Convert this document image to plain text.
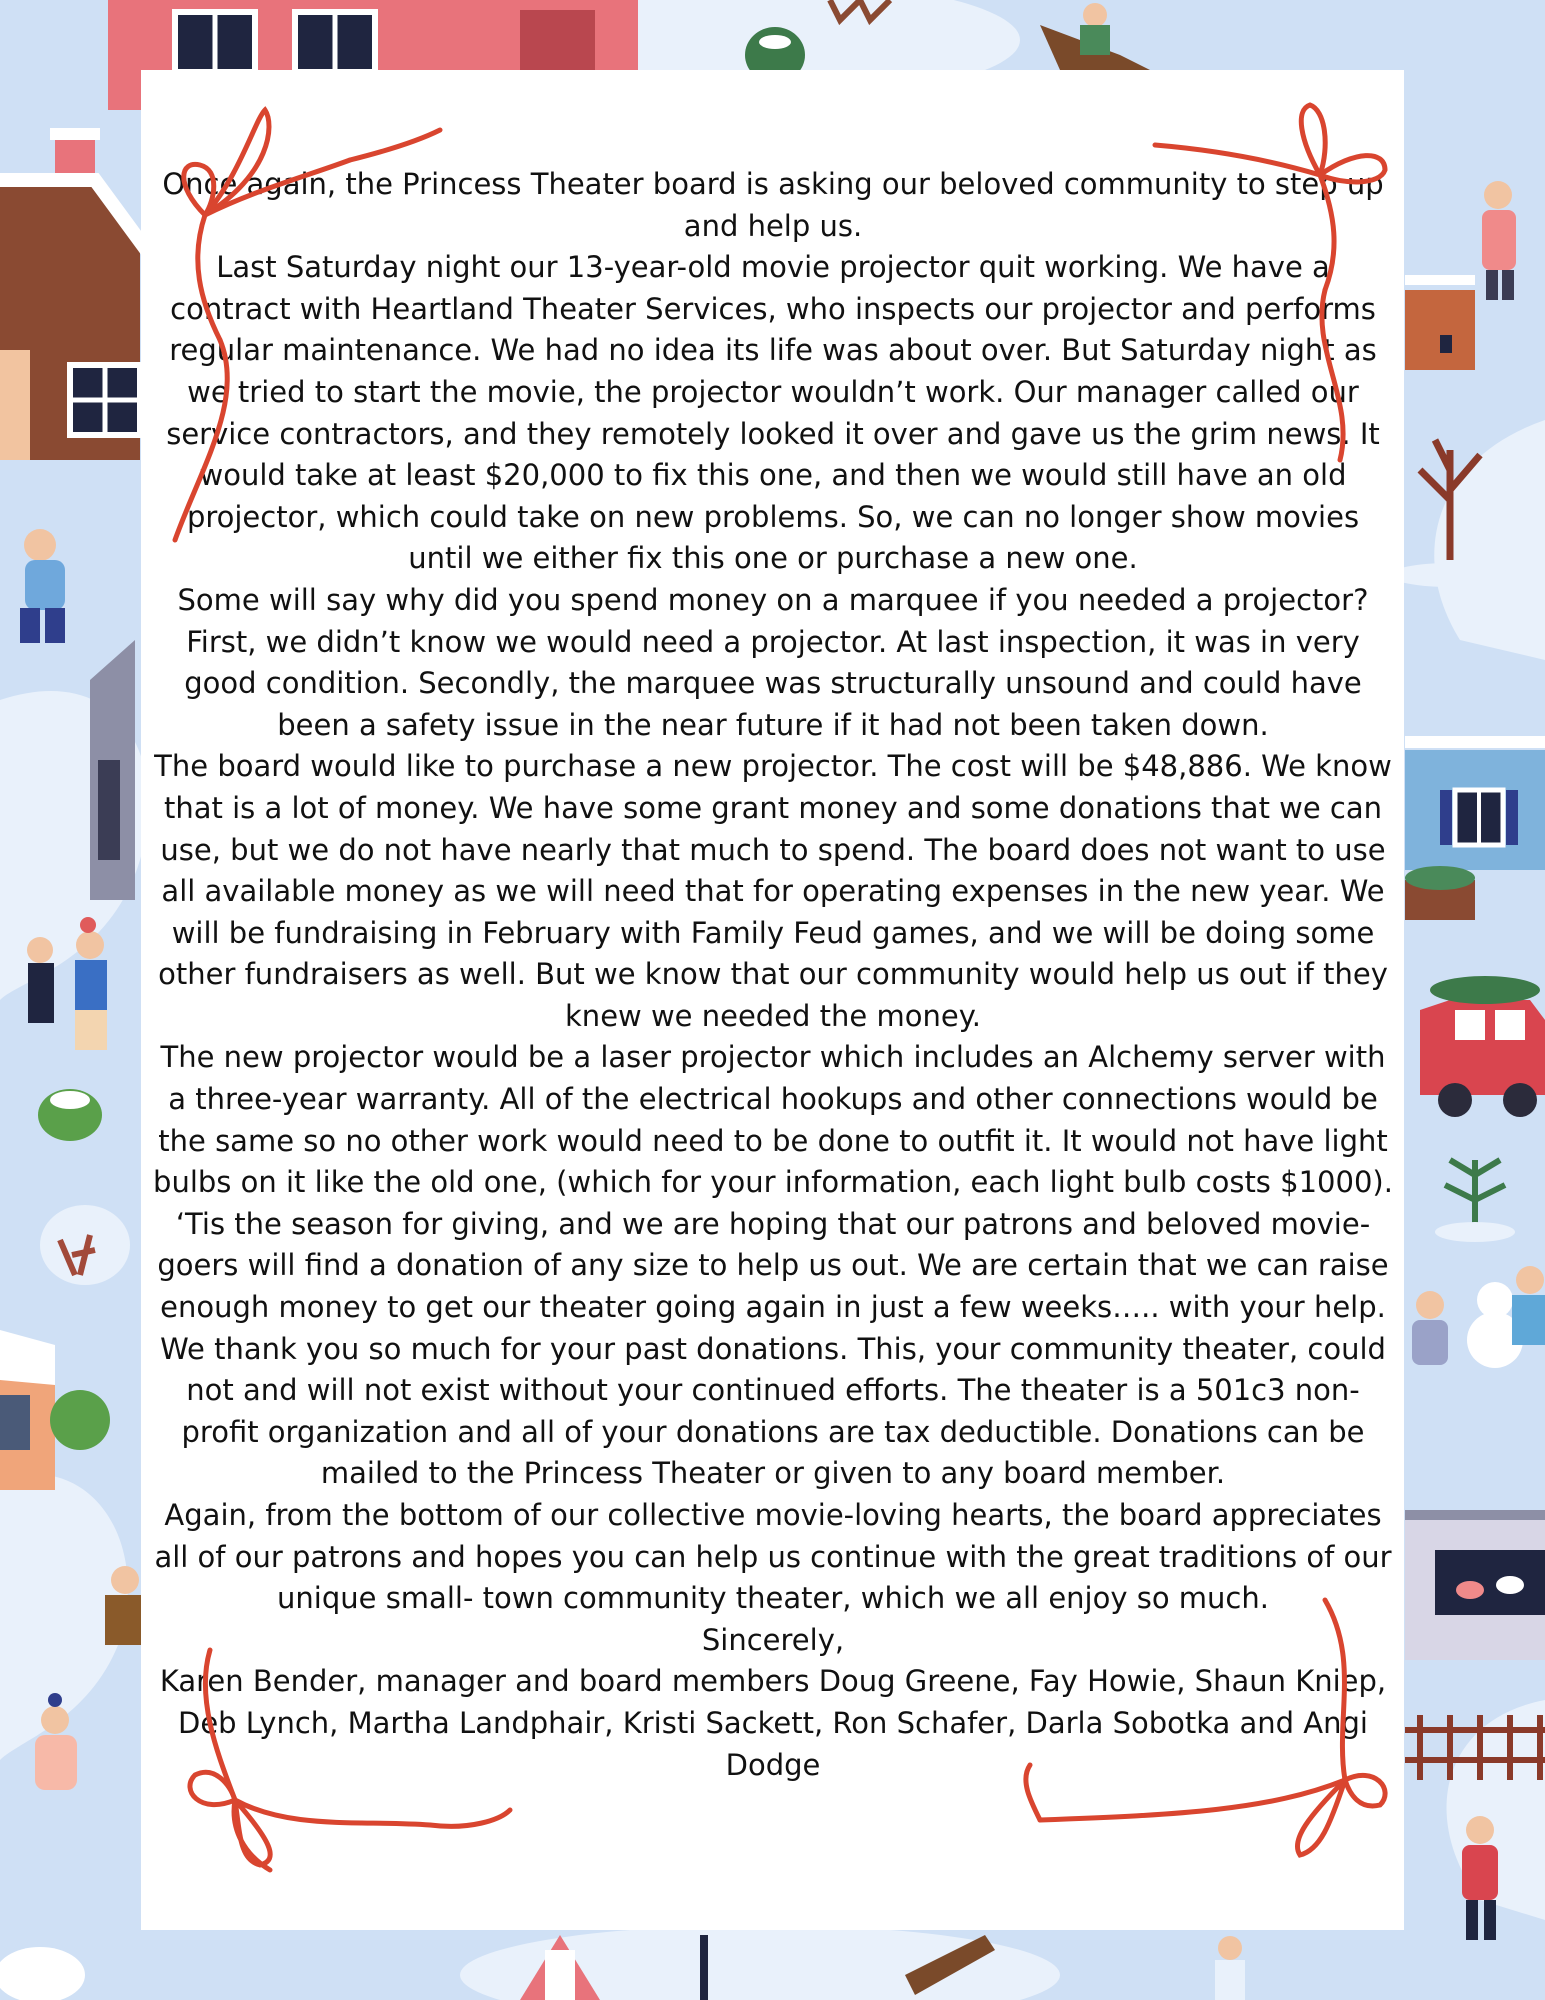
Once again, the Princess Theater board is asking our beloved community to step up and help us.

Last Saturday night our 13-year-old movie projector quit working. We have a contract with Heartland Theater Services, who inspects our projector and performs regular maintenance. We had no idea its life was about over. But Saturday night as we tried to start the movie, the projector wouldn’t work. Our manager called our service contractors, and they remotely looked it over and gave us the grim news. It would take at least $20,000 to fix this one, and then we would still have an old projector, which could take on new problems. So, we can no longer show movies until we either fix this one or purchase a new one.

Some will say why did you spend money on a marquee if you needed a projector? First, we didn’t know we would need a projector. At last inspection, it was in very good condition. Secondly, the marquee was structurally unsound and could have been a safety issue in the near future if it had not been taken down.

The board would like to purchase a new projector. The cost will be $48,886. We know that is a lot of money. We have some grant money and some donations that we can use, but we do not have nearly that much to spend. The board does not want to use all available money as we will need that for operating expenses in the new year. We will be fundraising in February with Family Feud games, and we will be doing some other fundraisers as well. But we know that our community would help us out if they knew we needed the money.

The new projector would be a laser projector which includes an Alchemy server with a three-year warranty. All of the electrical hookups and other connections would be the same so no other work would need to be done to outfit it. It would not have light bulbs on it like the old one, (which for your information, each light bulb costs $1000).

‘Tis the season for giving, and we are hoping that our patrons and beloved movie-goers will find a donation of any size to help us out. We are certain that we can raise enough money to get our theater going again in just a few weeks….. with your help.

We thank you so much for your past donations. This, your community theater, could not and will not exist without your continued efforts. The theater is a 501c3 non-profit organization and all of your donations are tax deductible. Donations can be mailed to the Princess Theater or given to any board member.

Again, from the bottom of our collective movie-loving hearts, the board appreciates all of our patrons and hopes you can help us continue with the great traditions of our unique small- town community theater, which we all enjoy so much.

Sincerely,

Karen Bender, manager and board members Doug Greene, Fay Howie, Shaun Kniep, Deb Lynch, Martha Landphair, Kristi Sackett, Ron Schafer, Darla Sobotka and Angi Dodge
